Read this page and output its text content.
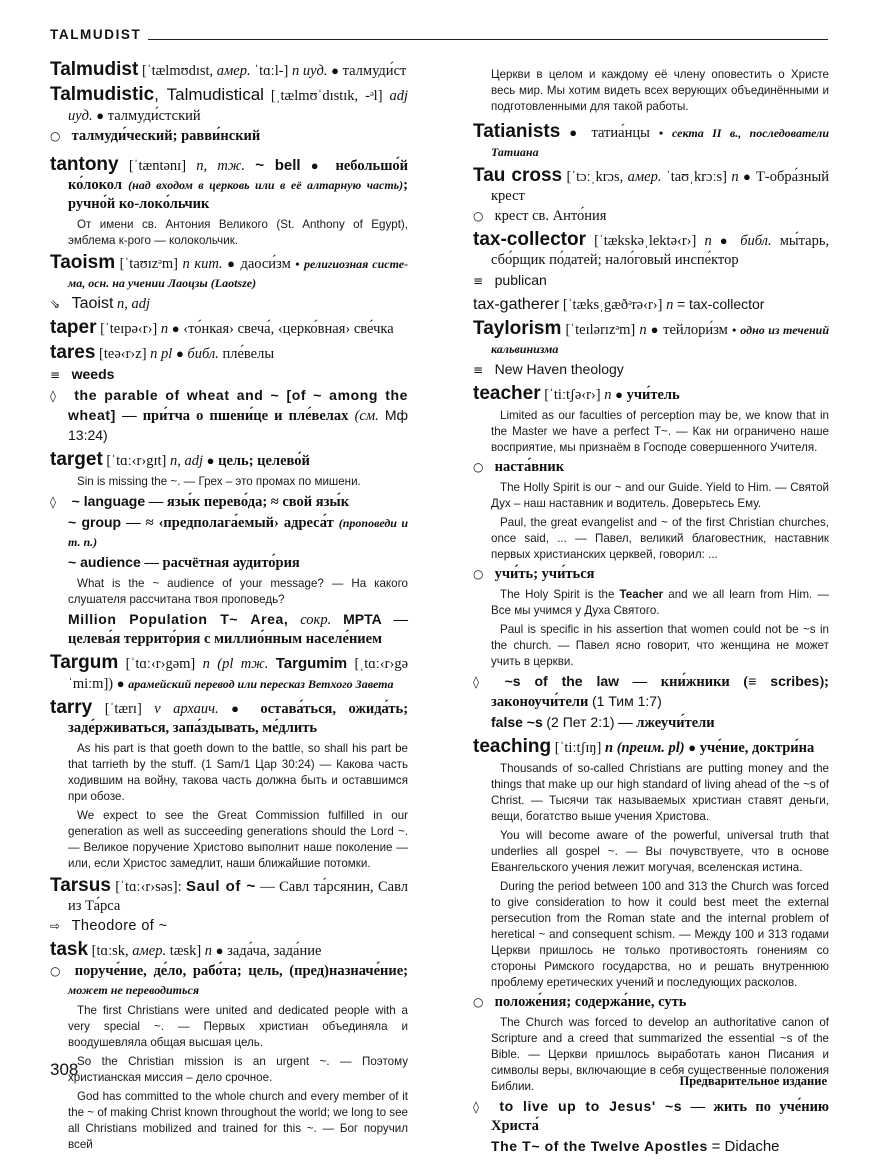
TALMUDIST
Talmudist [ˈtælmʊdɪst, амер. ˈtɑːl-] n иуд. ● талмуди́ст
Talmudistic, Talmudistical [ˌtælmʊˈdɪstɪk, -ᵊl] adj иуд. ● талмуди́стский
○ талмуди́ческий; равви́нский
tantony [ˈtæntənɪ] n, тж. ~ bell ● небольшо́й ко́локол (над входом в церковь или в её алтарную часть); ручно́й ко-локо́льчик
От имени св. Антония Великого (St. Anthony of Egypt), эмблема к-рого — колокольчик.
Taoism [ˈtaʊɪzᵊm] n кит. ● даоси́зм • религиозная систе- ма, осн. на учении Лаоцзы (Laotsze)
⇘ Taoist n, adj
taper [ˈteɪpə‹r›] n ● ‹то́нкая› свеча́, ‹церко́вная› све́чка
tares [teə‹r›z] n pl ● библ. пле́велы
≡ weeds
◊ the parable of wheat and ~ [of ~ among the wheat] — при́тча о пшени́це и пле́велах (см. Мф 13:24)
target [ˈtɑː‹r›gɪt] n, adj ● цель; целево́й
Sin is missing the ~. — Грех – это промах по мишени.
◊ ~ language — язы́к перево́да; ≈ свой язы́к
~ group — ≈ ‹предполага́емый› адреса́т (проповеди и т. п.)
~ audience — расчётная аудито́рия
What is the ~ audience of your message? — На какого слушателя рассчитана твоя проповедь?
Million Population T~ Area, сокр. MPTA — целева́я террито́рия с миллио́нным населе́нием
Targum [ˈtɑː‹r›gəm] n (pl тж. Targumim [ˌtɑː‹r›gəˈmiːm]) ● арамейский перевод или пересказ Ветхого Завета
tarry [ˈtærɪ] v архаич. ● остава́ться, ожида́ть; заде́рживаться, запа́здывать, ме́длить
As his part is that goeth down to the battle, so shall his part be that tarrieth by the stuff. (1 Sam/1 Цар 30:24) — Какова часть ходившим на войну, такова часть должна быть и оставшимся при обозе.
We expect to see the Great Commission fulfilled in our generation as well as succeeding generations should the Lord ~. — Великое поручение Христово выполнит наше поколение — или, если Христос замедлит, наши ближайшие потомки.
Tarsus [ˈtɑː‹r›səs]: Saul of ~ — Савл та́рсянин, Савл из Та́рса
⇨ Theodore of ~
task [tɑːsk, амер. tæsk] n ● зада́ча, зада́ние
○ поруче́ние, де́ло, рабо́та; цель, (пред)назначе́ние; может не переводиться
The first Christians were united and dedicated people with a very special ~. — Первых христиан объединяла и воодушевляла общая высшая цель.
So the Christian mission is an urgent ~. — Поэтому христианская миссия – дело срочное.
God has committed to the whole church and every member of it the ~ of making Christ known throughout the world; we long to see all Christians mobilized and trained for this ~. — Бог поручил всей
Церкви в целом и каждому её члену оповестить о Христе весь мир. Мы хотим видеть всех верующих объединёнными и подготовленными для такой работы.
Tatianists ● татиа́нцы • секта II в., последователи Татиана
Tau cross [ˈtɔːˌkrɔs, амер. ˈtaʊˌkrɔːs] n ● Т-обра́зный крест
○ крест св. Анто́ния
tax-collector [ˈtækskəˌlektə‹r›] n ● библ. мы́тарь, сбо́рщик по́датей; нало́говый инспе́ктор
≡ publican
tax-gatherer [ˈtæksˌgæðᵊrə‹r›] n = tax-collector
Taylorism [ˈteɪlərɪzᵊm] n ● тейлори́зм • одно из течений кальвинизма
≡ New Haven theology
teacher [ˈtiːtʃə‹r›] n ● учи́тель
Limited as our faculties of perception may be, we know that in the Master we have a perfect T~. — Как ни ограничено наше восприятие, мы признаём в Господе совершенного Учителя.
○ наста́вник
The Holly Spirit is our ~ and our Guide. Yield to Him. — Святой Дух – наш наставник и водитель. Доверьтесь Ему.
Paul, the great evangelist and ~ of the first Christian churches, once said, ... — Павел, великий благовестник, наставник первых христианских церквей, говорил: ...
○ учи́ть; учи́ться
The Holy Spirit is the Teacher and we all learn from Him. — Все мы учимся у Духа Святого.
Paul is specific in his assertion that women could not be ~s in the church. — Павел ясно говорит, что женщина не может учить в церкви.
◊ ~s of the law — кни́жники (≡ scribes); законоучи́тели (1 Тим 1:7)
false ~s (2 Пет 2:1) — лжеучи́тели
teaching [ˈtiːtʃɪŋ] n (преим. pl) ● уче́ние, доктри́на
Thousands of so-called Christians are putting money and the things that make up our high standard of living ahead of the ~s of Christ. — Тысячи так называемых христиан ставят деньги, вещи, богатство выше учения Христова.
You will become aware of the powerful, universal truth that underlies all gospel ~. — Вы почувствуете, что в основе Евангельского учения лежит могучая, вселенская истина.
During the period between 100 and 313 the Church was forced to give consideration to how it could best meet the external persecution from the Roman state and the internal problem of heretical ~ and consequent schism. — Между 100 и 313 годами Церкви пришлось не только противостоять гонениям со стороны Римского государства, но и решать внутреннюю проблему еретических учений и последующих расколов.
○ положе́ния; содержа́ние, суть
The Church was forced to develop an authoritative canon of Scripture and a creed that summarized the essential ~s of the Bible. — Церкви пришлось выработать канон Писания и символы веры, включающие в себя существенные положения Библии.
◊ to live up to Jesus' ~s — жить по уче́нию Христа́
The T~ of the Twelve Apostles = Didache
308
Предварительное издание
